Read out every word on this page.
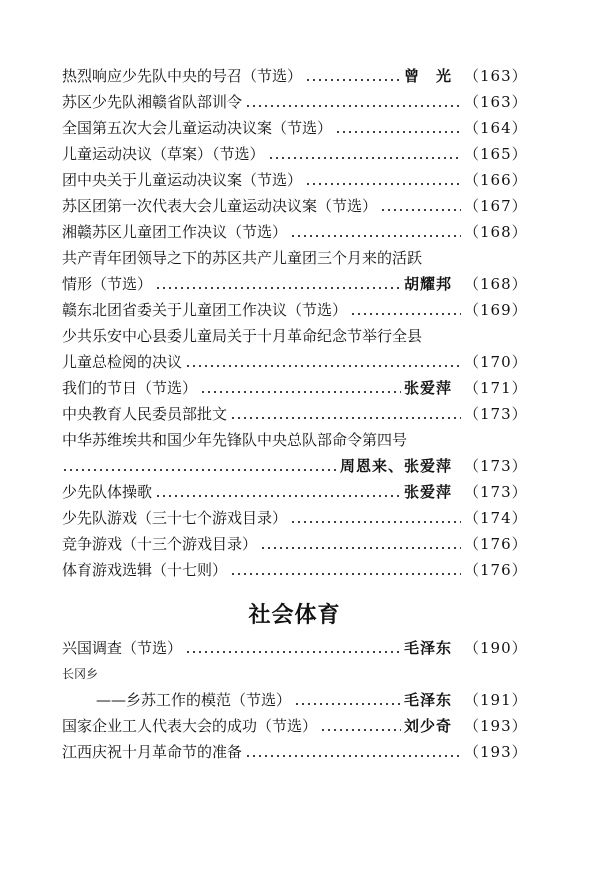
热烈响应少先队中央的号召（节选）	曾　光 （163）
苏区少先队湘赣省队部训令	（163）
全国第五次大会儿童运动决议案（节选）	（164）
儿童运动决议（草案）（节选）	（165）
团中央关于儿童运动决议案（节选）	（166）
苏区团第一次代表大会儿童运动决议案（节选）	（167）
湘赣苏区儿童团工作决议（节选）	（168）
共产青年团领导之下的苏区共产儿童团三个月来的活跃
情形（节选）	胡耀邦 （168）
赣东北团省委关于儿童团工作决议（节选）	（169）
少共乐安中心县委儿童局关于十月革命纪念节举行全县
儿童总检阅的决议	（170）
我们的节日（节选）	张爱萍 （171）
中央教育人民委员部批文	（173）
中华苏维埃共和国少年先锋队中央总队部命令第四号
周恩来、张爱萍 （173）
少先队体操歌	张爱萍 （173）
少先队游戏（三十七个游戏目录）	（174）
竞争游戏（十三个游戏目录）	（176）
体育游戏选辑（十七则）	（176）
社会体育
兴国调查（节选）	毛泽东 （190）
长冈乡
——乡苏工作的模范（节选）	毛泽东 （191）
国家企业工人代表大会的成功（节选）	刘少奇 （193）
江西庆祝十月革命节的准备	（193）
